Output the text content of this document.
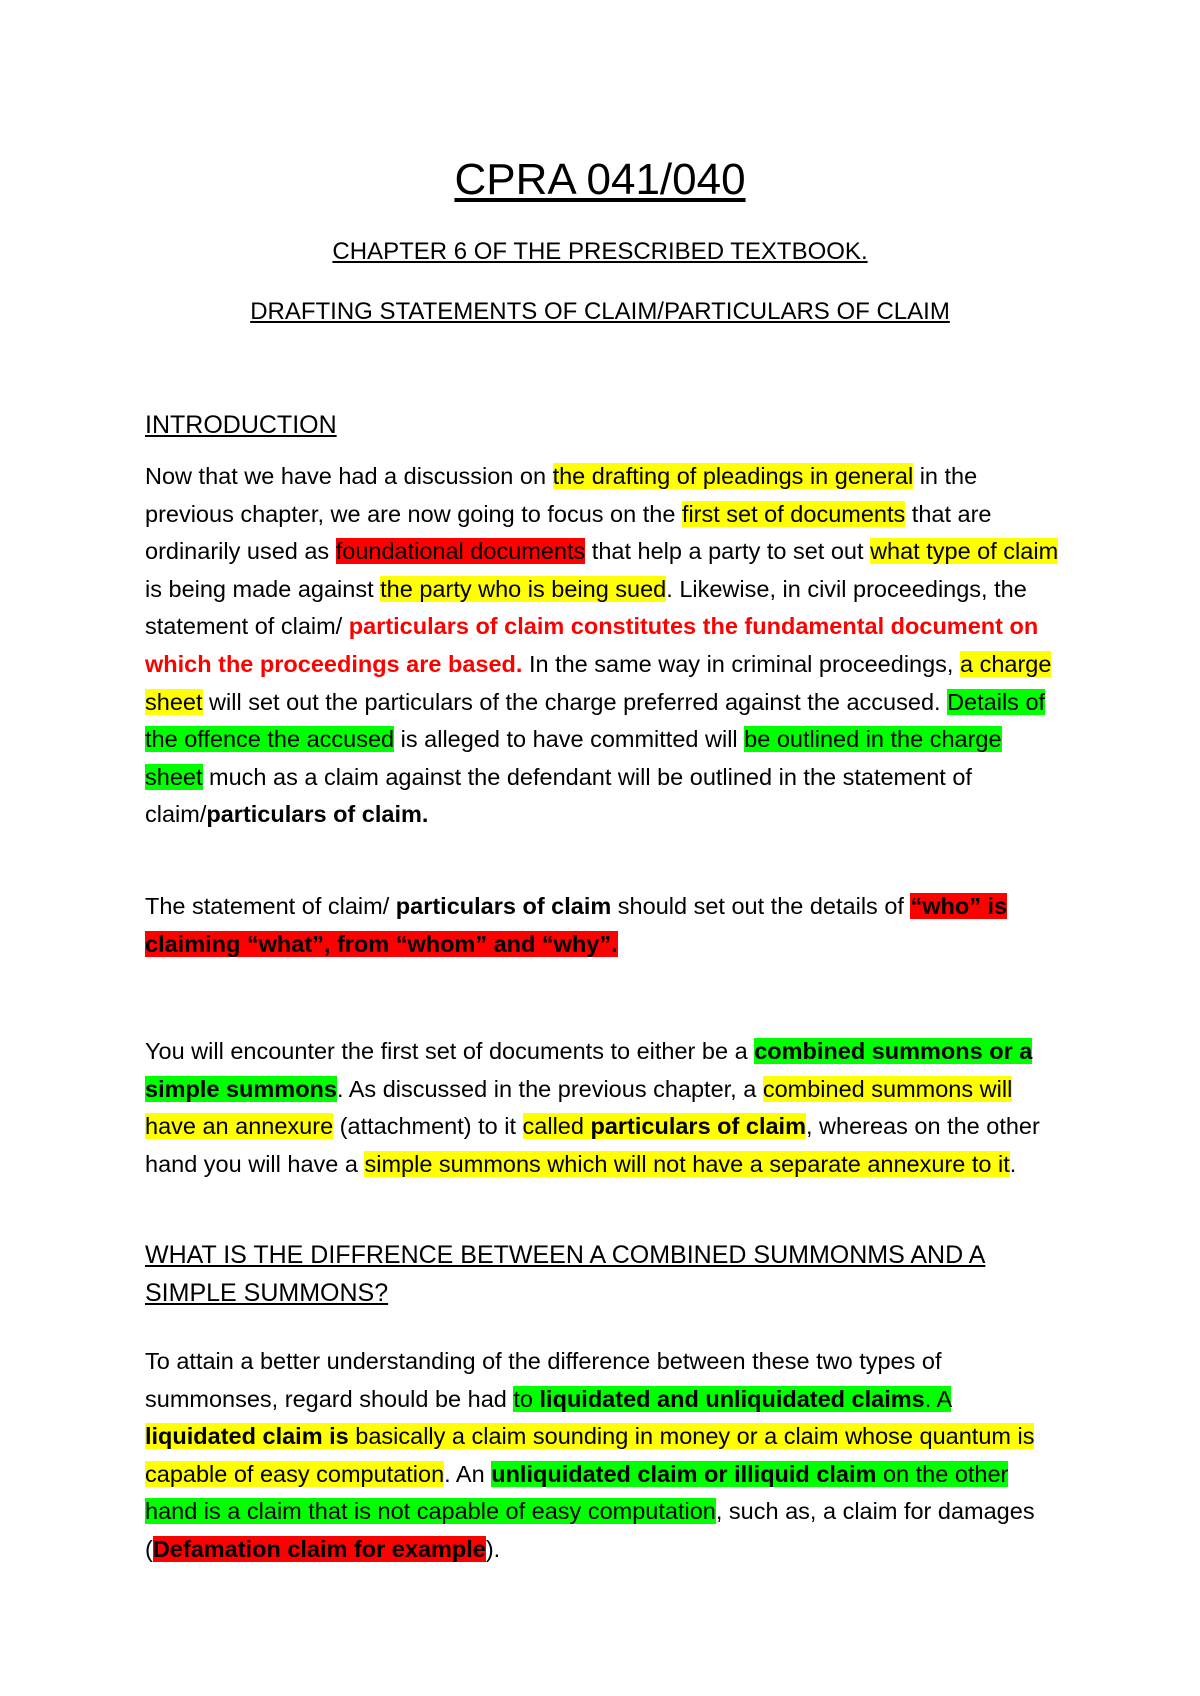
CPRA 041/040
CHAPTER 6 OF THE PRESCRIBED TEXTBOOK.
DRAFTING STATEMENTS OF CLAIM/PARTICULARS OF CLAIM
INTRODUCTION
Now that we have had a discussion on the drafting of pleadings in general in the previous chapter, we are now going to focus on the first set of documents that are ordinarily used as foundational documents that help a party to set out what type of claim is being made against the party who is being sued. Likewise, in civil proceedings, the statement of claim/ particulars of claim constitutes the fundamental document on which the proceedings are based. In the same way in criminal proceedings, a charge sheet will set out the particulars of the charge preferred against the accused. Details of the offence the accused is alleged to have committed will be outlined in the charge sheet much as a claim against the defendant will be outlined in the statement of claim/particulars of claim.
The statement of claim/ particulars of claim should set out the details of “who” is claiming “what”, from “whom” and “why”.
You will encounter the first set of documents to either be a combined summons or a simple summons. As discussed in the previous chapter, a combined summons will have an annexure (attachment) to it called particulars of claim, whereas on the other hand you will have a simple summons which will not have a separate annexure to it.
WHAT IS THE DIFFRENCE BETWEEN A COMBINED SUMMONMS AND A SIMPLE SUMMONS?
To attain a better understanding of the difference between these two types of summonses, regard should be had to liquidated and unliquidated claims. A liquidated claim is basically a claim sounding in money or a claim whose quantum is capable of easy computation. An unliquidated claim or illiquid claim on the other hand is a claim that is not capable of easy computation, such as, a claim for damages (Defamation claim for example).
